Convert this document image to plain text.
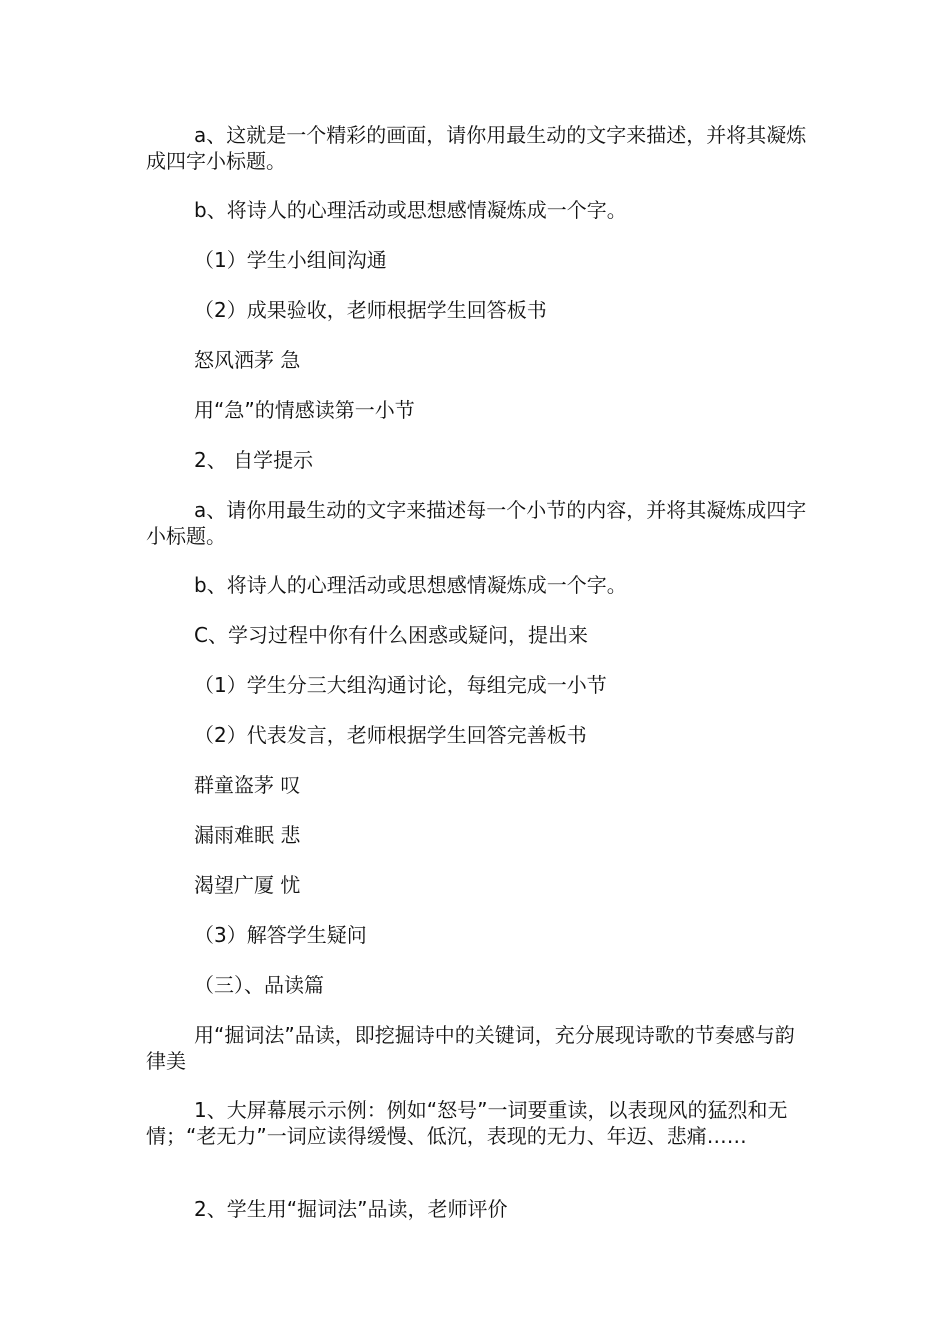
a、这就是一个精彩的画面，请你用最生动的文字来描述，并将其凝炼成四字小标题。

b、将诗人的心理活动或思想感情凝炼成一个字。

（1）学生小组间沟通

（2）成果验收，老师根据学生回答板书

怒风洒茅 急

用“急”的情感读第一小节

2、 自学提示

a、请你用最生动的文字来描述每一个小节的内容，并将其凝炼成四字小标题。

b、将诗人的心理活动或思想感情凝炼成一个字。

C、学习过程中你有什么困惑或疑问，提出来

（1）学生分三大组沟通讨论，每组完成一小节

（2）代表发言，老师根据学生回答完善板书

群童盗茅 叹

漏雨难眠 悲

渴望广厦 忧

（3）解答学生疑问

（三）、品读篇

用“掘词法”品读，即挖掘诗中的关键词，充分展现诗歌的节奏感与韵律美

1、大屏幕展示示例：例如“怒号”一词要重读，以表现风的猛烈和无情；“老无力”一词应读得缓慢、低沉，表现的无力、年迈、悲痛……

2、学生用“掘词法”品读，老师评价
